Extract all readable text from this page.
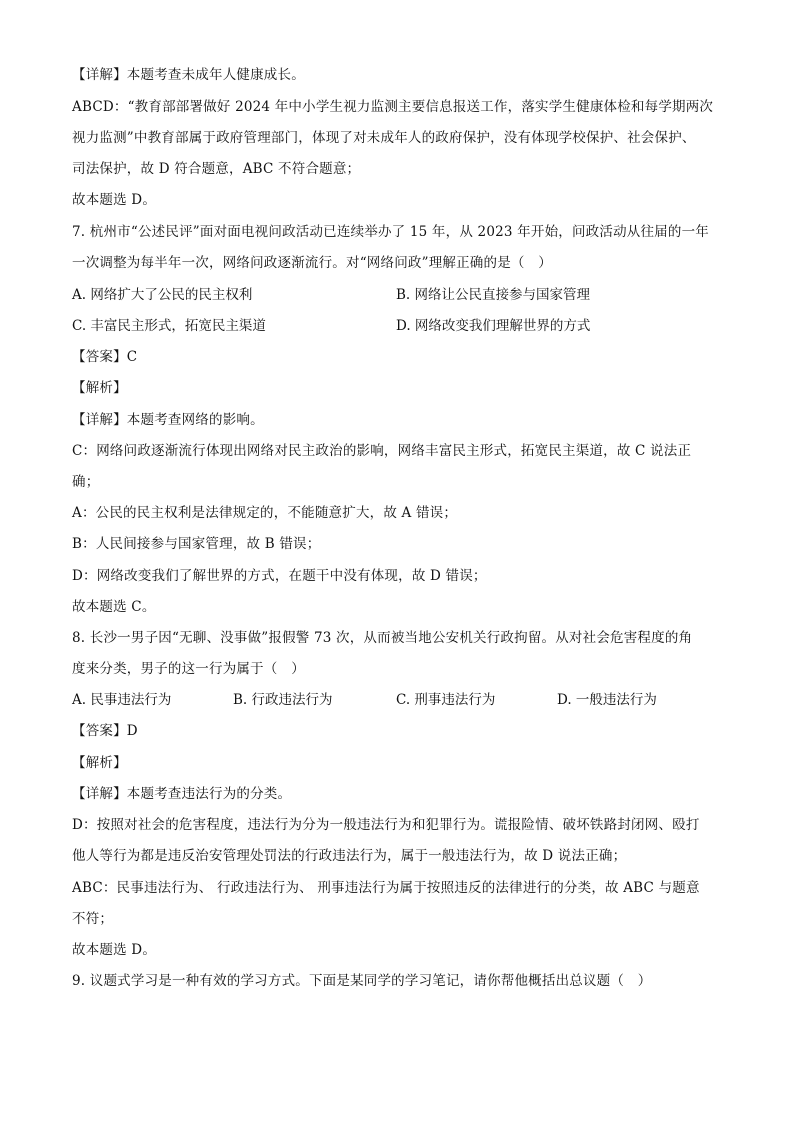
【详解】本题考查未成年人健康成长。
ABCD：“教育部部署做好 2024 年中小学生视力监测主要信息报送工作，落实学生健康体检和每学期两次
视力监测”中教育部属于政府管理部门，体现了对未成年人的政府保护，没有体现学校保护、社会保护、
司法保护，故 D 符合题意，ABC 不符合题意；
故本题选 D。
7. 杭州市“公述民评”面对面电视问政活动已连续举办了 15 年，从 2023 年开始，问政活动从往届的一年
一次调整为每半年一次，网络问政逐渐流行。对“网络问政”理解正确的是（　）
A. 网络扩大了公民的民主权利	B. 网络让公民直接参与国家管理
C. 丰富民主形式，拓宽民主渠道	D. 网络改变我们理解世界的方式
【答案】C
【解析】
【详解】本题考查网络的影响。
C：网络问政逐渐流行体现出网络对民主政治的影响，网络丰富民主形式，拓宽民主渠道，故 C 说法正
确；
A：公民的民主权利是法律规定的，不能随意扩大，故 A 错误；
B：人民间接参与国家管理，故 B 错误；
D：网络改变我们了解世界的方式，在题干中没有体现，故 D 错误；
故本题选 C。
8. 长沙一男子因“无聊、没事做”报假警 73 次，从而被当地公安机关行政拘留。从对社会危害程度的角
度来分类，男子的这一行为属于（　）
A. 民事违法行为	B. 行政违法行为	C. 刑事违法行为	D. 一般违法行为
【答案】D
【解析】
【详解】本题考查违法行为的分类。
D：按照对社会的危害程度，违法行为分为一般违法行为和犯罪行为。谎报险情、破坏铁路封闭网、殴打
他人等行为都是违反治安管理处罚法的行政违法行为，属于一般违法行为，故 D 说法正确；
ABC：民事违法行为、 行政违法行为、 刑事违法行为属于按照违反的法律进行的分类，故 ABC 与题意
不符；
故本题选 D。
9. 议题式学习是一种有效的学习方式。下面是某同学的学习笔记，请你帮他概括出总议题（　）
